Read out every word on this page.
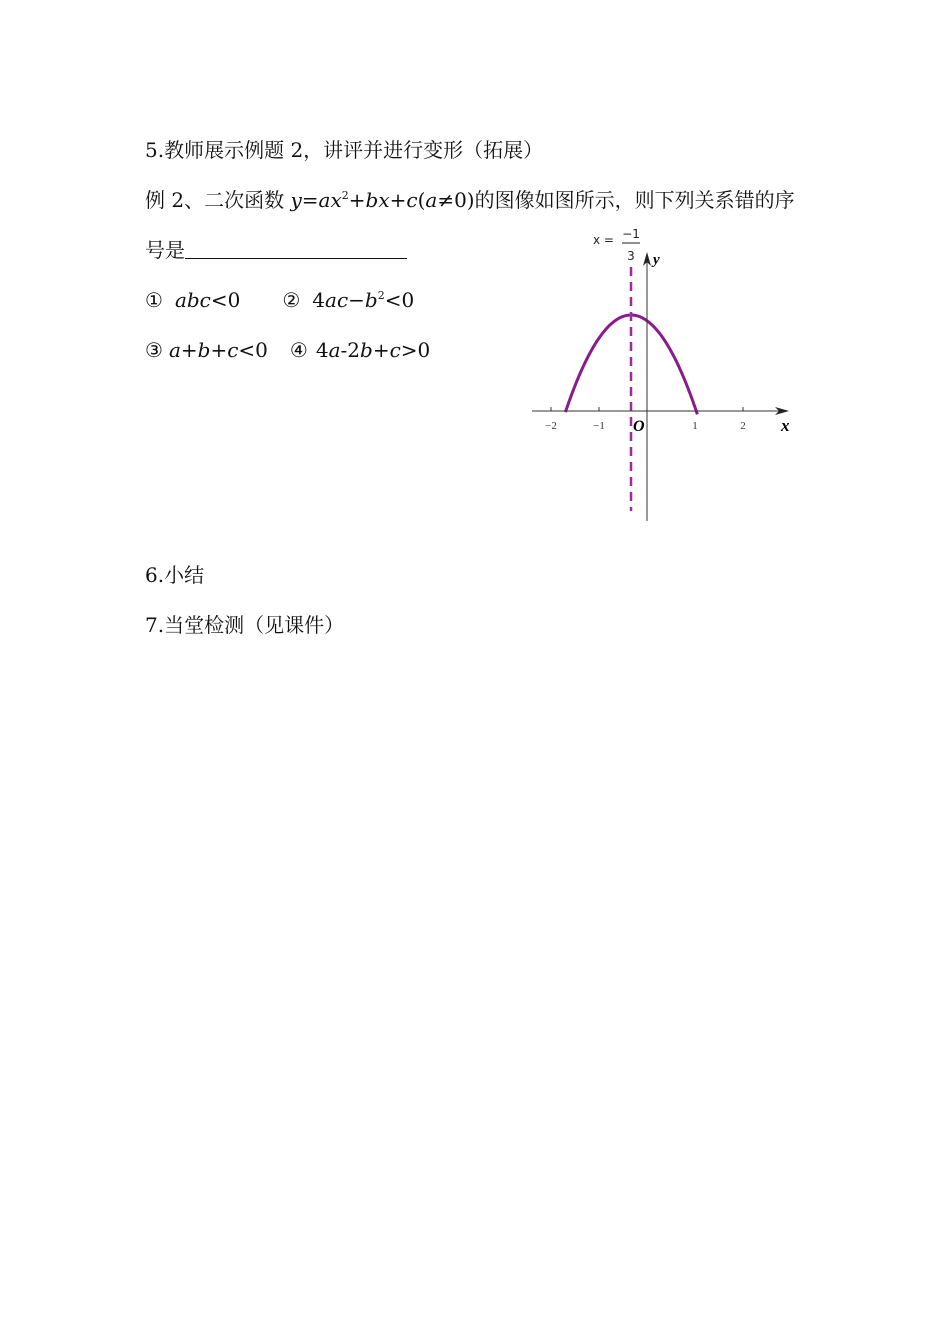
5.教师展示例题 2，讲评并进行变形（拓展）
例 2、二次函数 $y=ax^2+bx+c(a\ne 0)$的图像如图所示，则下列关系错的序
号是
① abc<0 ② $4ac-b^2<0$
③ a+b+c<0 ④ 4a-2b+c>0
−2	−1	1	2 x
y
O
x = −1
3
6.小结
7.当堂检测（见课件）
